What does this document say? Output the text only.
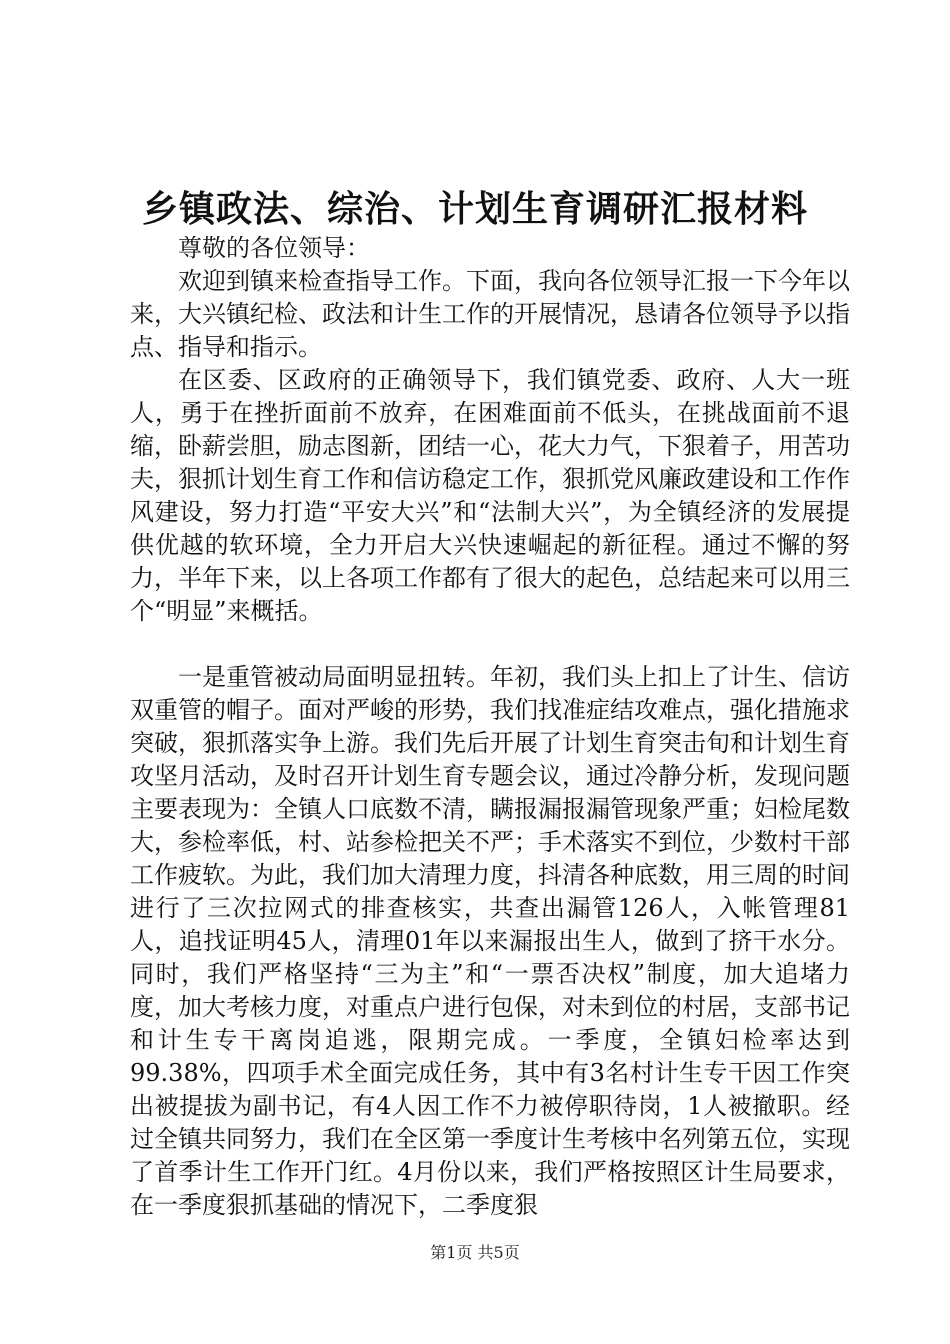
乡镇政法、综治、计划生育调研汇报材料

尊敬的各位领导：

欢迎到镇来检查指导工作。下面，我向各位领导汇报一下今年以来，大兴镇纪检、政法和计生工作的开展情况，恳请各位领导予以指点、指导和指示。

在区委、区政府的正确领导下，我们镇党委、政府、人大一班人，勇于在挫折面前不放弃，在困难面前不低头，在挑战面前不退缩，卧薪尝胆，励志图新，团结一心，花大力气，下狠着子，用苦功夫，狠抓计划生育工作和信访稳定工作，狠抓党风廉政建设和工作作风建设，努力打造“平安大兴”和“法制大兴”，为全镇经济的发展提供优越的软环境，全力开启大兴快速崛起的新征程。通过不懈的努力，半年下来，以上各项工作都有了很大的起色，总结起来可以用三个“明显”来概括。

一是重管被动局面明显扭转。年初，我们头上扣上了计生、信访双重管的帽子。面对严峻的形势，我们找准症结攻难点，强化措施求突破，狠抓落实争上游。我们先后开展了计划生育突击旬和计划生育攻坚月活动，及时召开计划生育专题会议，通过冷静分析，发现问题主要表现为：全镇人口底数不清，瞒报漏报漏管现象严重；妇检尾数大，参检率低，村、站参检把关不严；手术落实不到位，少数村干部工作疲软。为此，我们加大清理力度，抖清各种底数，用三周的时间进行了三次拉网式的排查核实，共查出漏管126人，入帐管理81人，追找证明45人，清理01年以来漏报出生人，做到了挤干水分。同时，我们严格坚持“三为主”和“一票否决权”制度，加大追堵力度，加大考核力度，对重点户进行包保，对未到位的村居，支部书记和计生专干离岗追逃，限期完成。一季度，全镇妇检率达到99.38%，四项手术全面完成任务，其中有3名村计生专干因工作突出被提拔为副书记，有4人因工作不力被停职待岗，1人被撤职。经过全镇共同努力，我们在全区第一季度计生考核中名列第五位，实现了首季计生工作开门红。4月份以来，我们严格按照区计生局要求，在一季度狠抓基础的情况下，二季度狠

第1页 共5页
